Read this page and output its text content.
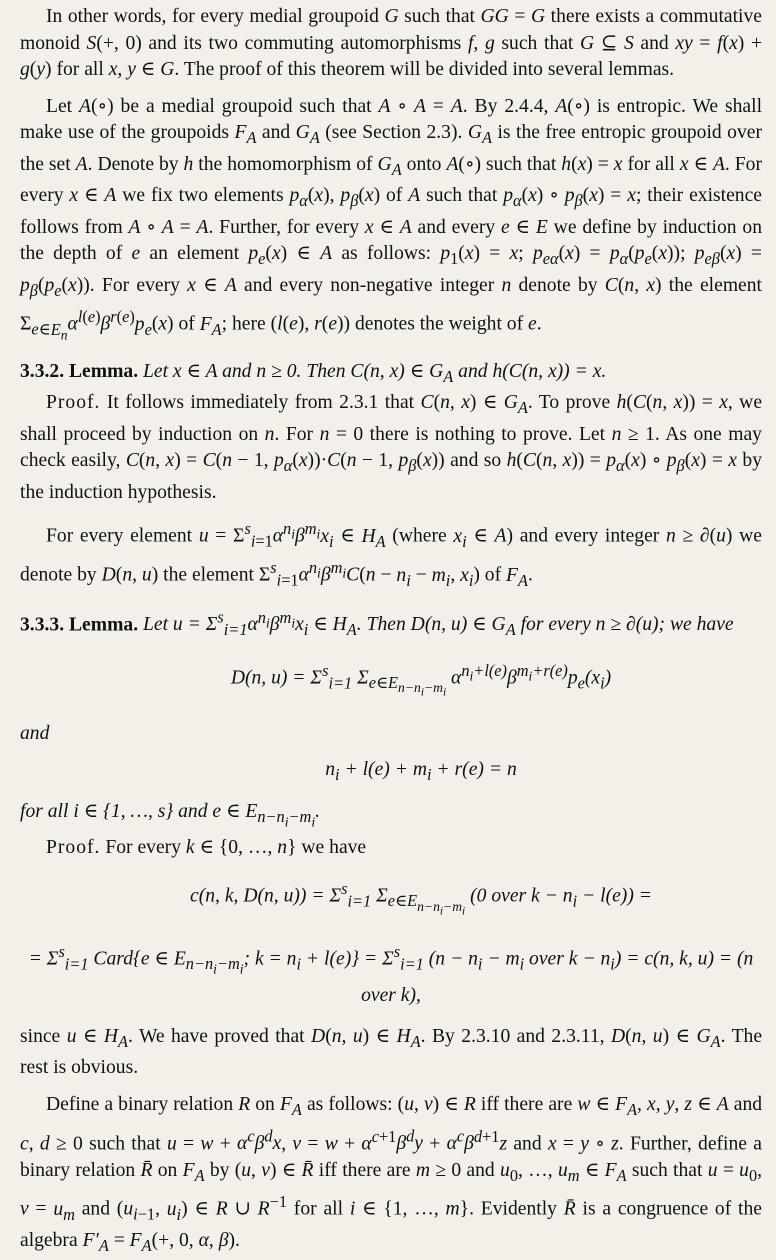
In other words, for every medial groupoid G such that GG = G there exists a commutative monoid S(+, 0) and its two commuting automorphisms f, g such that G ⊆ S and xy = f(x) + g(y) for all x, y ∈ G. The proof of this theorem will be divided into several lemmas.

Let A(∘) be a medial groupoid such that A ∘ A = A. By 2.4.4, A(∘) is entropic. We shall make use of the groupoids $F_A$ and $G_A$ (see Section 2.3). $G_A$ is the free entropic groupoid over the set A. Denote by h the homomorphism of $G_A$ onto A(∘) such that h(x) = x for all x ∈ A. For every x ∈ A we fix two elements $p_\alpha(x)$, $p_\beta(x)$ of A such that $p_\alpha(x)$ ∘ $p_\beta(x) = x$; their existence follows from A ∘ A = A. Further, for every x ∈ A and every e ∈ E we define by induction on the depth of e an element $p_e(x)$ ∈ A as follows: $p_1(x) = x$; $p_{e\alpha}(x) = p_\alpha(p_e(x))$; $p_{e\beta}(x) = p_\beta(p_e(x))$. For every x ∈ A and every non-negative integer n denote by C(n, x) the element $\Sigma_{e\in E_n}\alpha^{l(e)}\beta^{r(e)}p_e(x)$ of $F_A$; here (l(e), r(e)) denotes the weight of e.

3.3.2. Lemma. Let x ∈ A and n ≥ 0. Then C(n, x) ∈ $G_A$ and h(C(n, x)) = x.

Proof. It follows immediately from 2.3.1 that C(n, x) ∈ $G_A$. To prove h(C(n, x)) = x, we shall proceed by induction on n. For n = 0 there is nothing to prove. Let n ≥ 1. As one may check easily, C(n, x) = C(n − 1, $p_\alpha(x))\cdot C(n - 1$, $p_\beta(x)$) and so h(C(n, $x)) = p_\alpha(x)$ ∘ $p_\beta(x) = x$ by the induction hypothesis.

For every element $u = \Sigma^s_{i=1}\alpha^{n_i}\beta^{m_i}x_i$ ∈ $H_A$ (where $x_i$ ∈ A) and every integer n ≥ ∂(u) we denote by D(n, u) the element $\Sigma^s_{i=1}\alpha^{n_i}\beta^{m_i}C(n - n_i - m_i$, $x_i$) of $F_A$.

3.3.3. Lemma. Let $u = \Sigma^s_{i=1}\alpha^{n_i}\beta^{m_i}x_i$ ∈ $H_A$. Then D(n, u) ∈ $G_A$ for every n ≥ ∂(u); we have

D(n, $u) = \Sigma^s_{i=1}$ $\Sigma_{e\in E_{n-n_i-m_i}}$ $\alpha^{n_i+l(e)}\beta^{m_i+r(e)}p_e(x_i)$

and

$n_i + l(e) + m_i + r(e) = n$

for all i ∈ {1, …, s} and e ∈ $E_{n-n_i-m_i}$.

Proof. For every k ∈ {0, …, n} we have

c(n, k, D(n, $u)) = \Sigma^s_{i=1}$ $\Sigma_{e\in E_{n-n_i-m_i}}$ (0 over $k - n_i - l(e)$) =

= $\Sigma^s_{i=1}$ Card{e ∈ $E_{n-n_i-m_i}$; $k = n_i + l(e)\} = \Sigma^s_{i=1}$ ($n - n_i - m_i$ over $k - n_i) = c(n$, k, u) = (n over k),

since u ∈ $H_A$. We have proved that D(n, u) ∈ $H_A$. By 2.3.10 and 2.3.11, D(n, u) ∈ $G_A$. The rest is obvious.

Define a binary relation R on $F_A$ as follows: (u, v) ∈ R iff there are w ∈ $F_A$, x, y, z ∈ A and c, d ≥ 0 such that $u = w + \alpha^c\beta^dx$, $v = w + \alpha^{c+1}\beta^dy + \alpha^c\beta^{d+1}z$ and x = y ∘ z. Further, define a binary relation R̄ on $F_A$ by (u, v) ∈ R̄ iff there are m ≥ 0 and $u_0$, …, $u_m$ ∈ $F_A$ such that $u = u_0$, $v = u_m$ and ($u_{i-1}$, $u_i$) ∈ R ∪ $R^{-1}$ for all i ∈ {1, …, m}. Evidently R̄ is a congruence of the algebra $F'_A = F_A(+$, 0, α, β).
